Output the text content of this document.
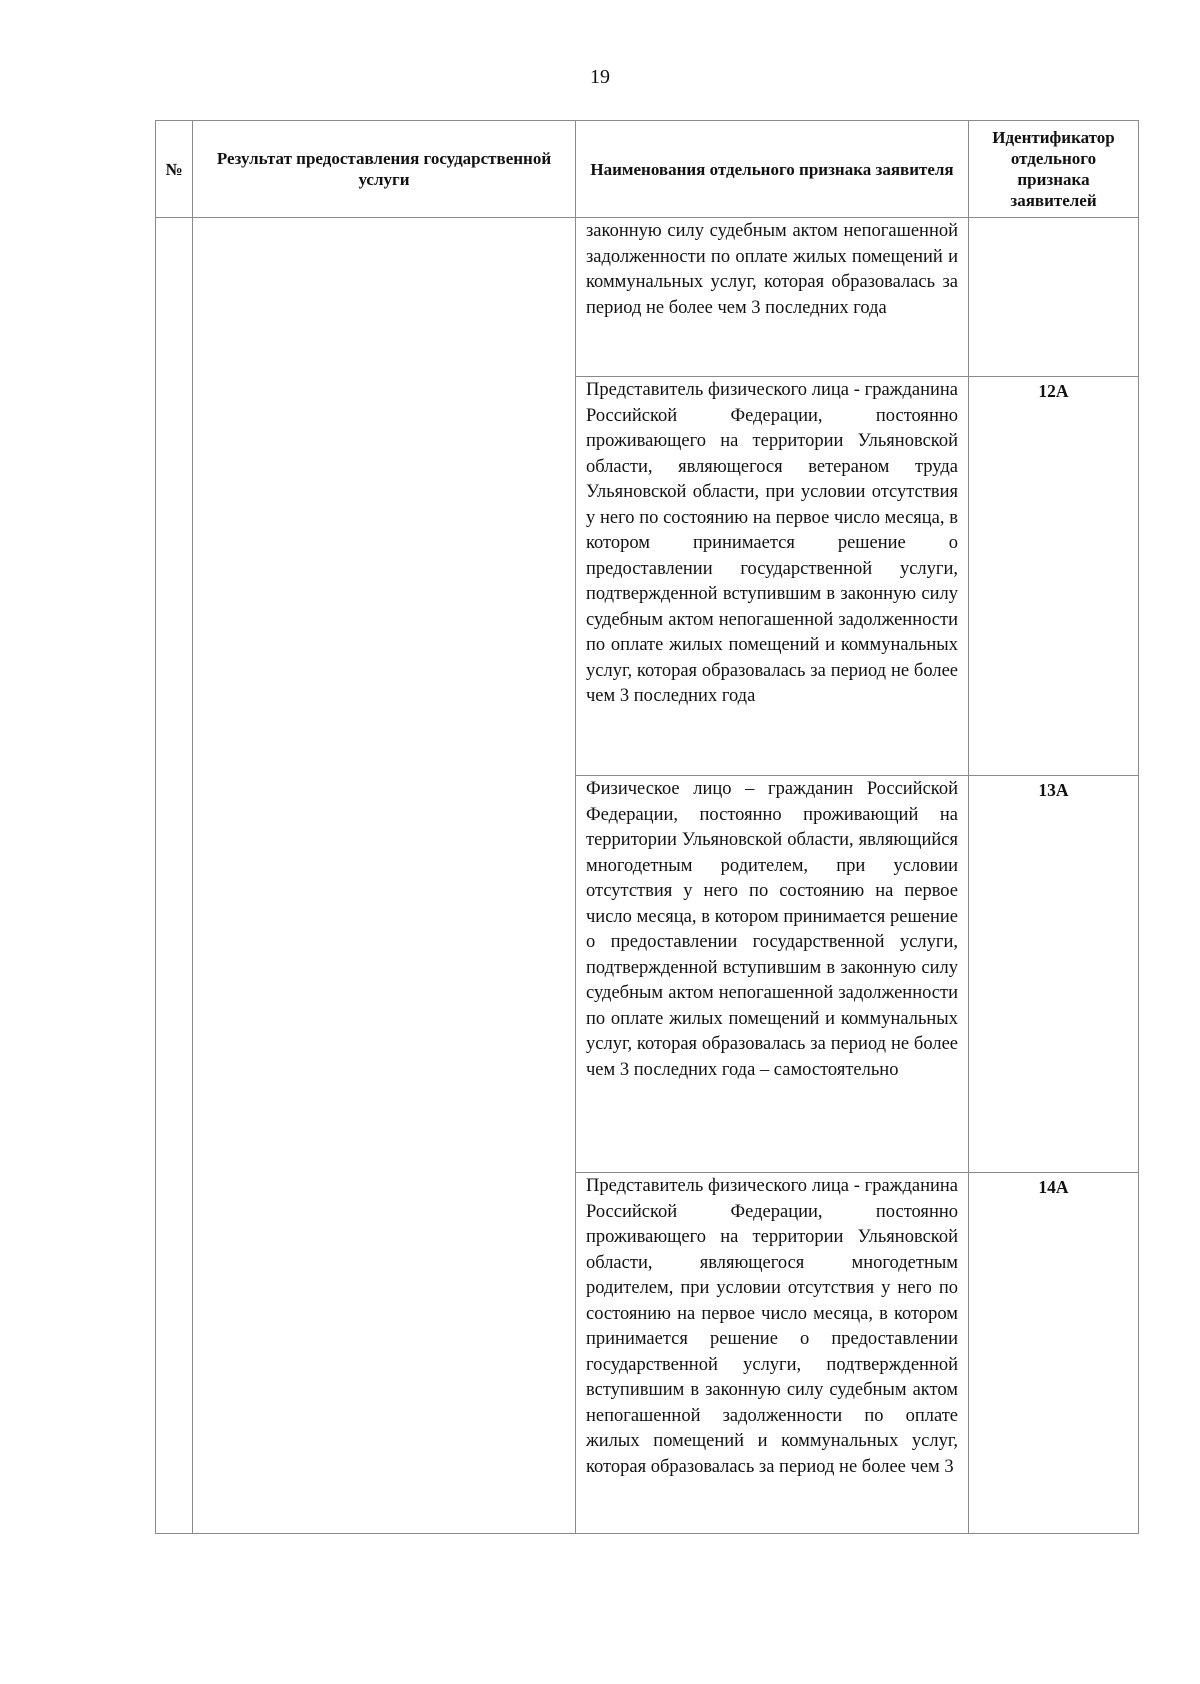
19
№	Результат предоставления государственной услуги	Наименования отдельного признака заявителя	Идентификатор отдельного признака заявителей

		законную силу судебным актом непогашенной задолженности по оплате жилых помещений и коммунальных услуг, которая образовалась за период не более чем 3 последних года	

		Представитель физического лица - гражданина Российской Федерации, постоянно проживающего на территории Ульяновской области, являющегося ветераном труда Ульяновской области, при условии отсутствия у него по состоянию на первое число месяца, в котором принимается решение о предоставлении государственной услуги, подтвержденной вступившим в законную силу судебным актом непогашенной задолженности по оплате жилых помещений и коммунальных услуг, которая образовалась за период не более чем 3 последних года	12А

		Физическое лицо – гражданин Российской Федерации, постоянно проживающий на территории Ульяновской области, являющийся многодетным родителем, при условии отсутствия у него по состоянию на первое число месяца, в котором принимается решение о предоставлении государственной услуги, подтвержденной вступившим в законную силу судебным актом непогашенной задолженности по оплате жилых помещений и коммунальных услуг, которая образовалась за период не более чем 3 последних года – самостоятельно	13А

		Представитель физического лица - гражданина Российской Федерации, постоянно проживающего на территории Ульяновской области, являющегося многодетным родителем, при условии отсутствия у него по состоянию на первое число месяца, в котором принимается решение о предоставлении государственной услуги, подтвержденной вступившим в законную силу судебным актом непогашенной задолженности по оплате жилых помещений и коммунальных услуг, которая образовалась за период не более чем 3	14А
